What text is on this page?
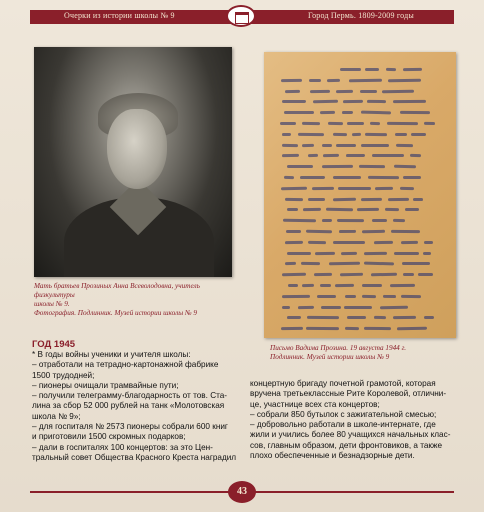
Очерки из истории школы № 9	Город Пермь. 1809-2009 годы
Мать братьев Прозиных Анна Всеволодовна, учитель физкультуры
школы № 9.
Фотография. Подлинник. Музей истории школы № 9
Письмо Вадима Прозина. 19 августа 1944 г.
Подлинник. Музей истории школы № 9
ГОД 1945

* В годы войны ученики и учителя школы:

– отработали на тетрадно-картонажной фабрике

1500 трудодней;

– пионеры очищали трамвайные пути;

– получили телеграмму-благодарность от тов. Ста-

лина за сбор 52 000 рублей на танк «Молотовская

школа № 9»;

– для госпиталя № 2573 пионеры собрали 600 книг

и приготовили 1500 скромных подарков;

– дали в госпиталях 100 концертов: за это Цен-

тральный совет Общества Красного Креста наградил

концертную бригаду почетной грамотой, которая

вручена третьеклассные Рите Королевой, отлични-

це, участнице всех ста концертов;

– собрали 850 бутылок с зажигательной смесью;

– добровольно работали в школе-интернате, где

жили и учились более 80 учащихся начальных клас-

сов, главным образом, дети фронтовиков, а также

плохо обеспеченные и безнадзорные дети.

43
